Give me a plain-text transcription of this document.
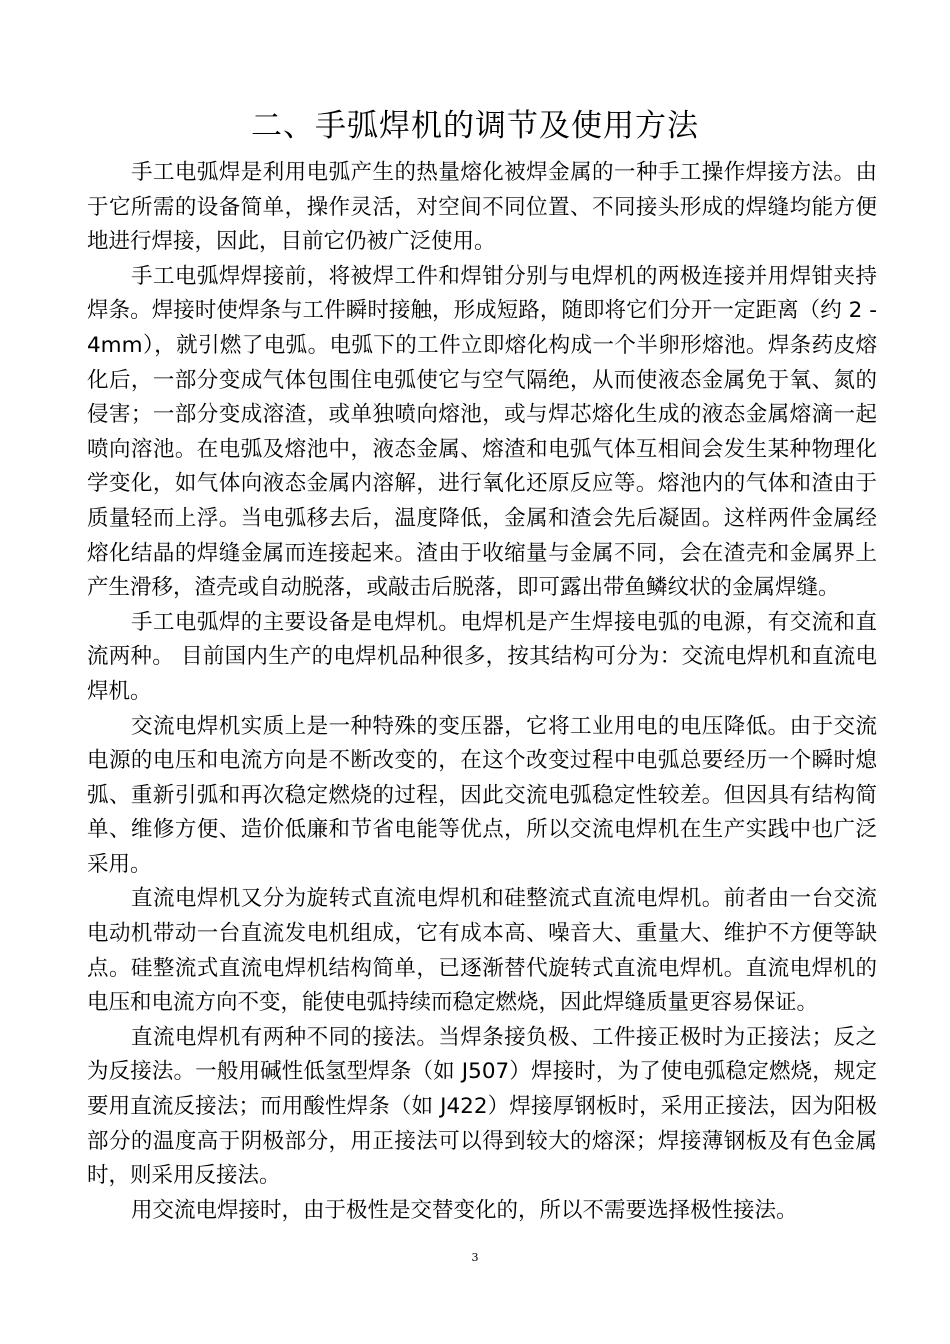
二、手弧焊机的调节及使用方法

手工电弧焊是利用电弧产生的热量熔化被焊金属的一种手工操作焊接方法。由于它所需的设备简单，操作灵活，对空间不同位置、不同接头形成的焊缝均能方便地进行焊接，因此，目前它仍被广泛使用。

手工电弧焊焊接前，将被焊工件和焊钳分别与电焊机的两极连接并用焊钳夹持焊条。焊接时使焊条与工件瞬时接触，形成短路，随即将它们分开一定距离（约 2 - 4mm），就引燃了电弧。电弧下的工件立即熔化构成一个半卵形熔池。焊条药皮熔化后，一部分变成气体包围住电弧使它与空气隔绝，从而使液态金属免于氧、氮的侵害；一部分变成溶渣，或单独喷向熔池，或与焊芯熔化生成的液态金属熔滴一起喷向溶池。在电弧及熔池中，液态金属、熔渣和电弧气体互相间会发生某种物理化学变化，如气体向液态金属内溶解，进行氧化还原反应等。熔池内的气体和渣由于质量轻而上浮。当电弧移去后，温度降低，金属和渣会先后凝固。这样两件金属经熔化结晶的焊缝金属而连接起来。渣由于收缩量与金属不同，会在渣壳和金属界上产生滑移，渣壳或自动脱落，或敲击后脱落，即可露出带鱼鳞纹状的金属焊缝。

手工电弧焊的主要设备是电焊机。电焊机是产生焊接电弧的电源，有交流和直流两种。 目前国内生产的电焊机品种很多，按其结构可分为：交流电焊机和直流电焊机。

交流电焊机实质上是一种特殊的变压器，它将工业用电的电压降低。由于交流电源的电压和电流方向是不断改变的，在这个改变过程中电弧总要经历一个瞬时熄弧、重新引弧和再次稳定燃烧的过程，因此交流电弧稳定性较差。但因具有结构简单、维修方便、造价低廉和节省电能等优点，所以交流电焊机在生产实践中也广泛采用。

直流电焊机又分为旋转式直流电焊机和硅整流式直流电焊机。前者由一台交流电动机带动一台直流发电机组成，它有成本高、噪音大、重量大、维护不方便等缺点。硅整流式直流电焊机结构简单，已逐渐替代旋转式直流电焊机。直流电焊机的电压和电流方向不变，能使电弧持续而稳定燃烧，因此焊缝质量更容易保证。

直流电焊机有两种不同的接法。当焊条接负极、工件接正极时为正接法；反之为反接法。一般用碱性低氢型焊条（如 J507）焊接时，为了使电弧稳定燃烧，规定要用直流反接法；而用酸性焊条（如 J422）焊接厚钢板时，采用正接法，因为阳极部分的温度高于阴极部分，用正接法可以得到较大的熔深；焊接薄钢板及有色金属时，则采用反接法。

用交流电焊接时，由于极性是交替变化的，所以不需要选择极性接法。

3
